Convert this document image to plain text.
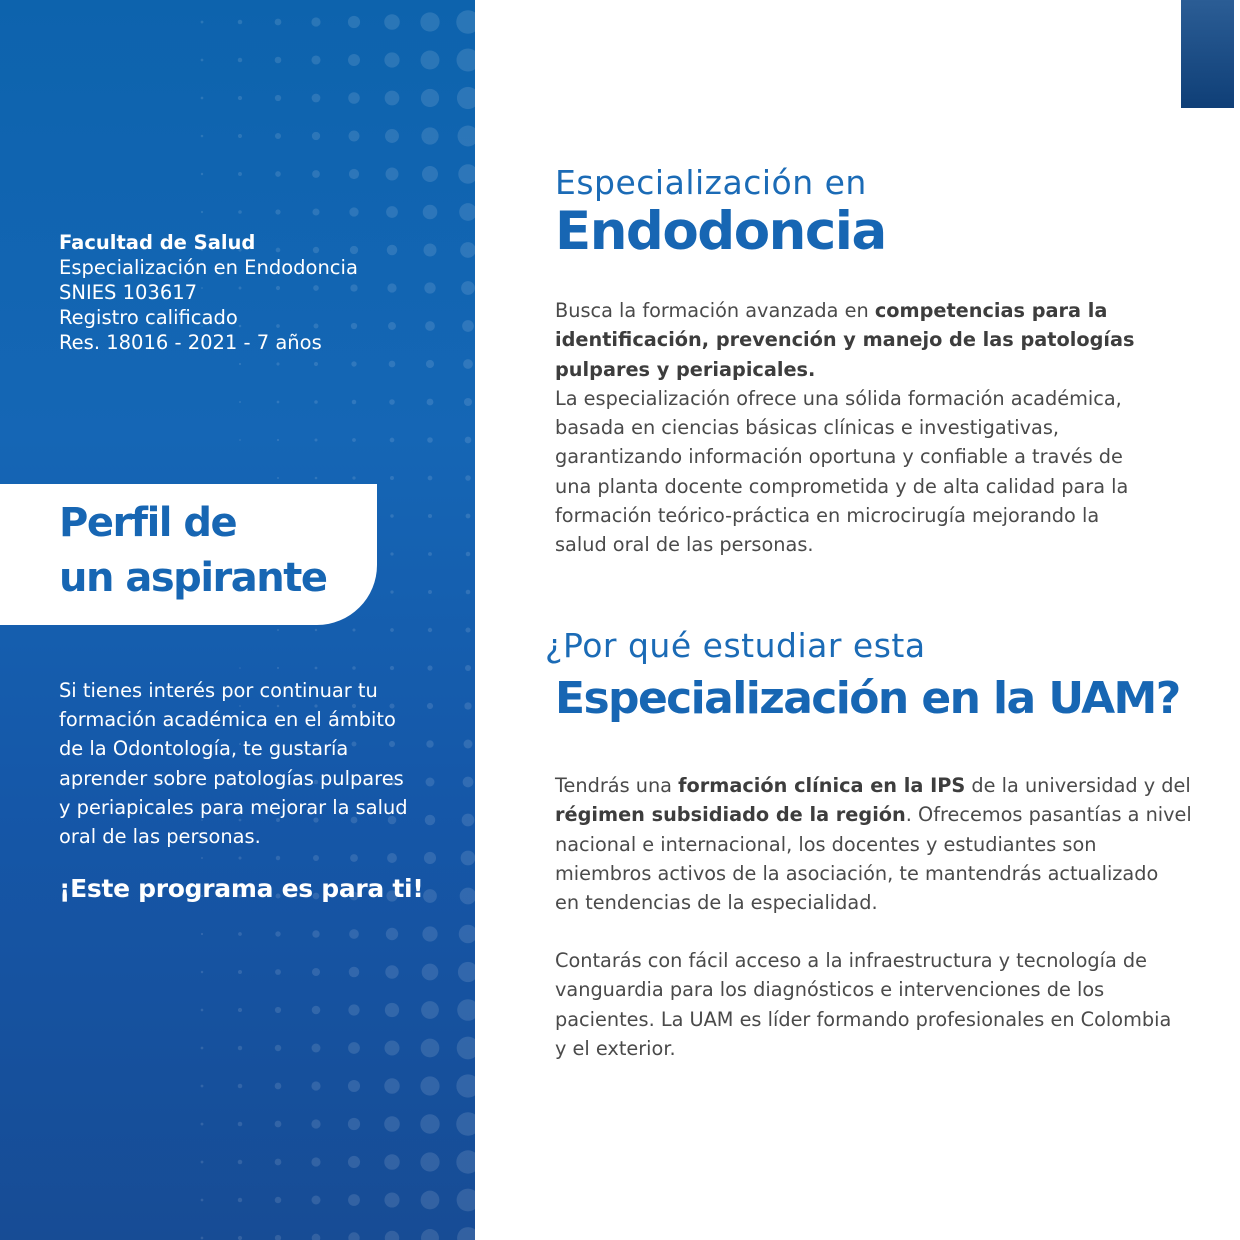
Facultad de Salud
Especialización en Endodoncia
SNIES 103617
Registro calificado
Res. 18016 - 2021 - 7 años
Perfil de
un aspirante
Si tienes interés por continuar tu
formación académica en el ámbito
de la Odontología, te gustaría
aprender sobre patologías pulpares
y periapicales para mejorar la salud
oral de las personas.
¡Este programa es para ti!
Especialización en
Endodoncia
Busca la formación avanzada en competencias para la
identificación, prevención y manejo de las patologías
pulpares y periapicales.
La especialización ofrece una sólida formación académica,
basada en ciencias básicas clínicas e investigativas,
garantizando información oportuna y confiable a través de
una planta docente comprometida y de alta calidad para la
formación teórico-práctica en microcirugía mejorando la
salud oral de las personas.
¿Por qué estudiar esta
Especialización en la UAM?
Tendrás una formación clínica en la IPS de la universidad y del
régimen subsidiado de la región. Ofrecemos pasantías a nivel
nacional e internacional, los docentes y estudiantes son
miembros activos de la asociación, te mantendrás actualizado
en tendencias de la especialidad.
Contarás con fácil acceso a la infraestructura y tecnología de
vanguardia para los diagnósticos e intervenciones de los
pacientes. La UAM es líder formando profesionales en Colombia
y el exterior.
